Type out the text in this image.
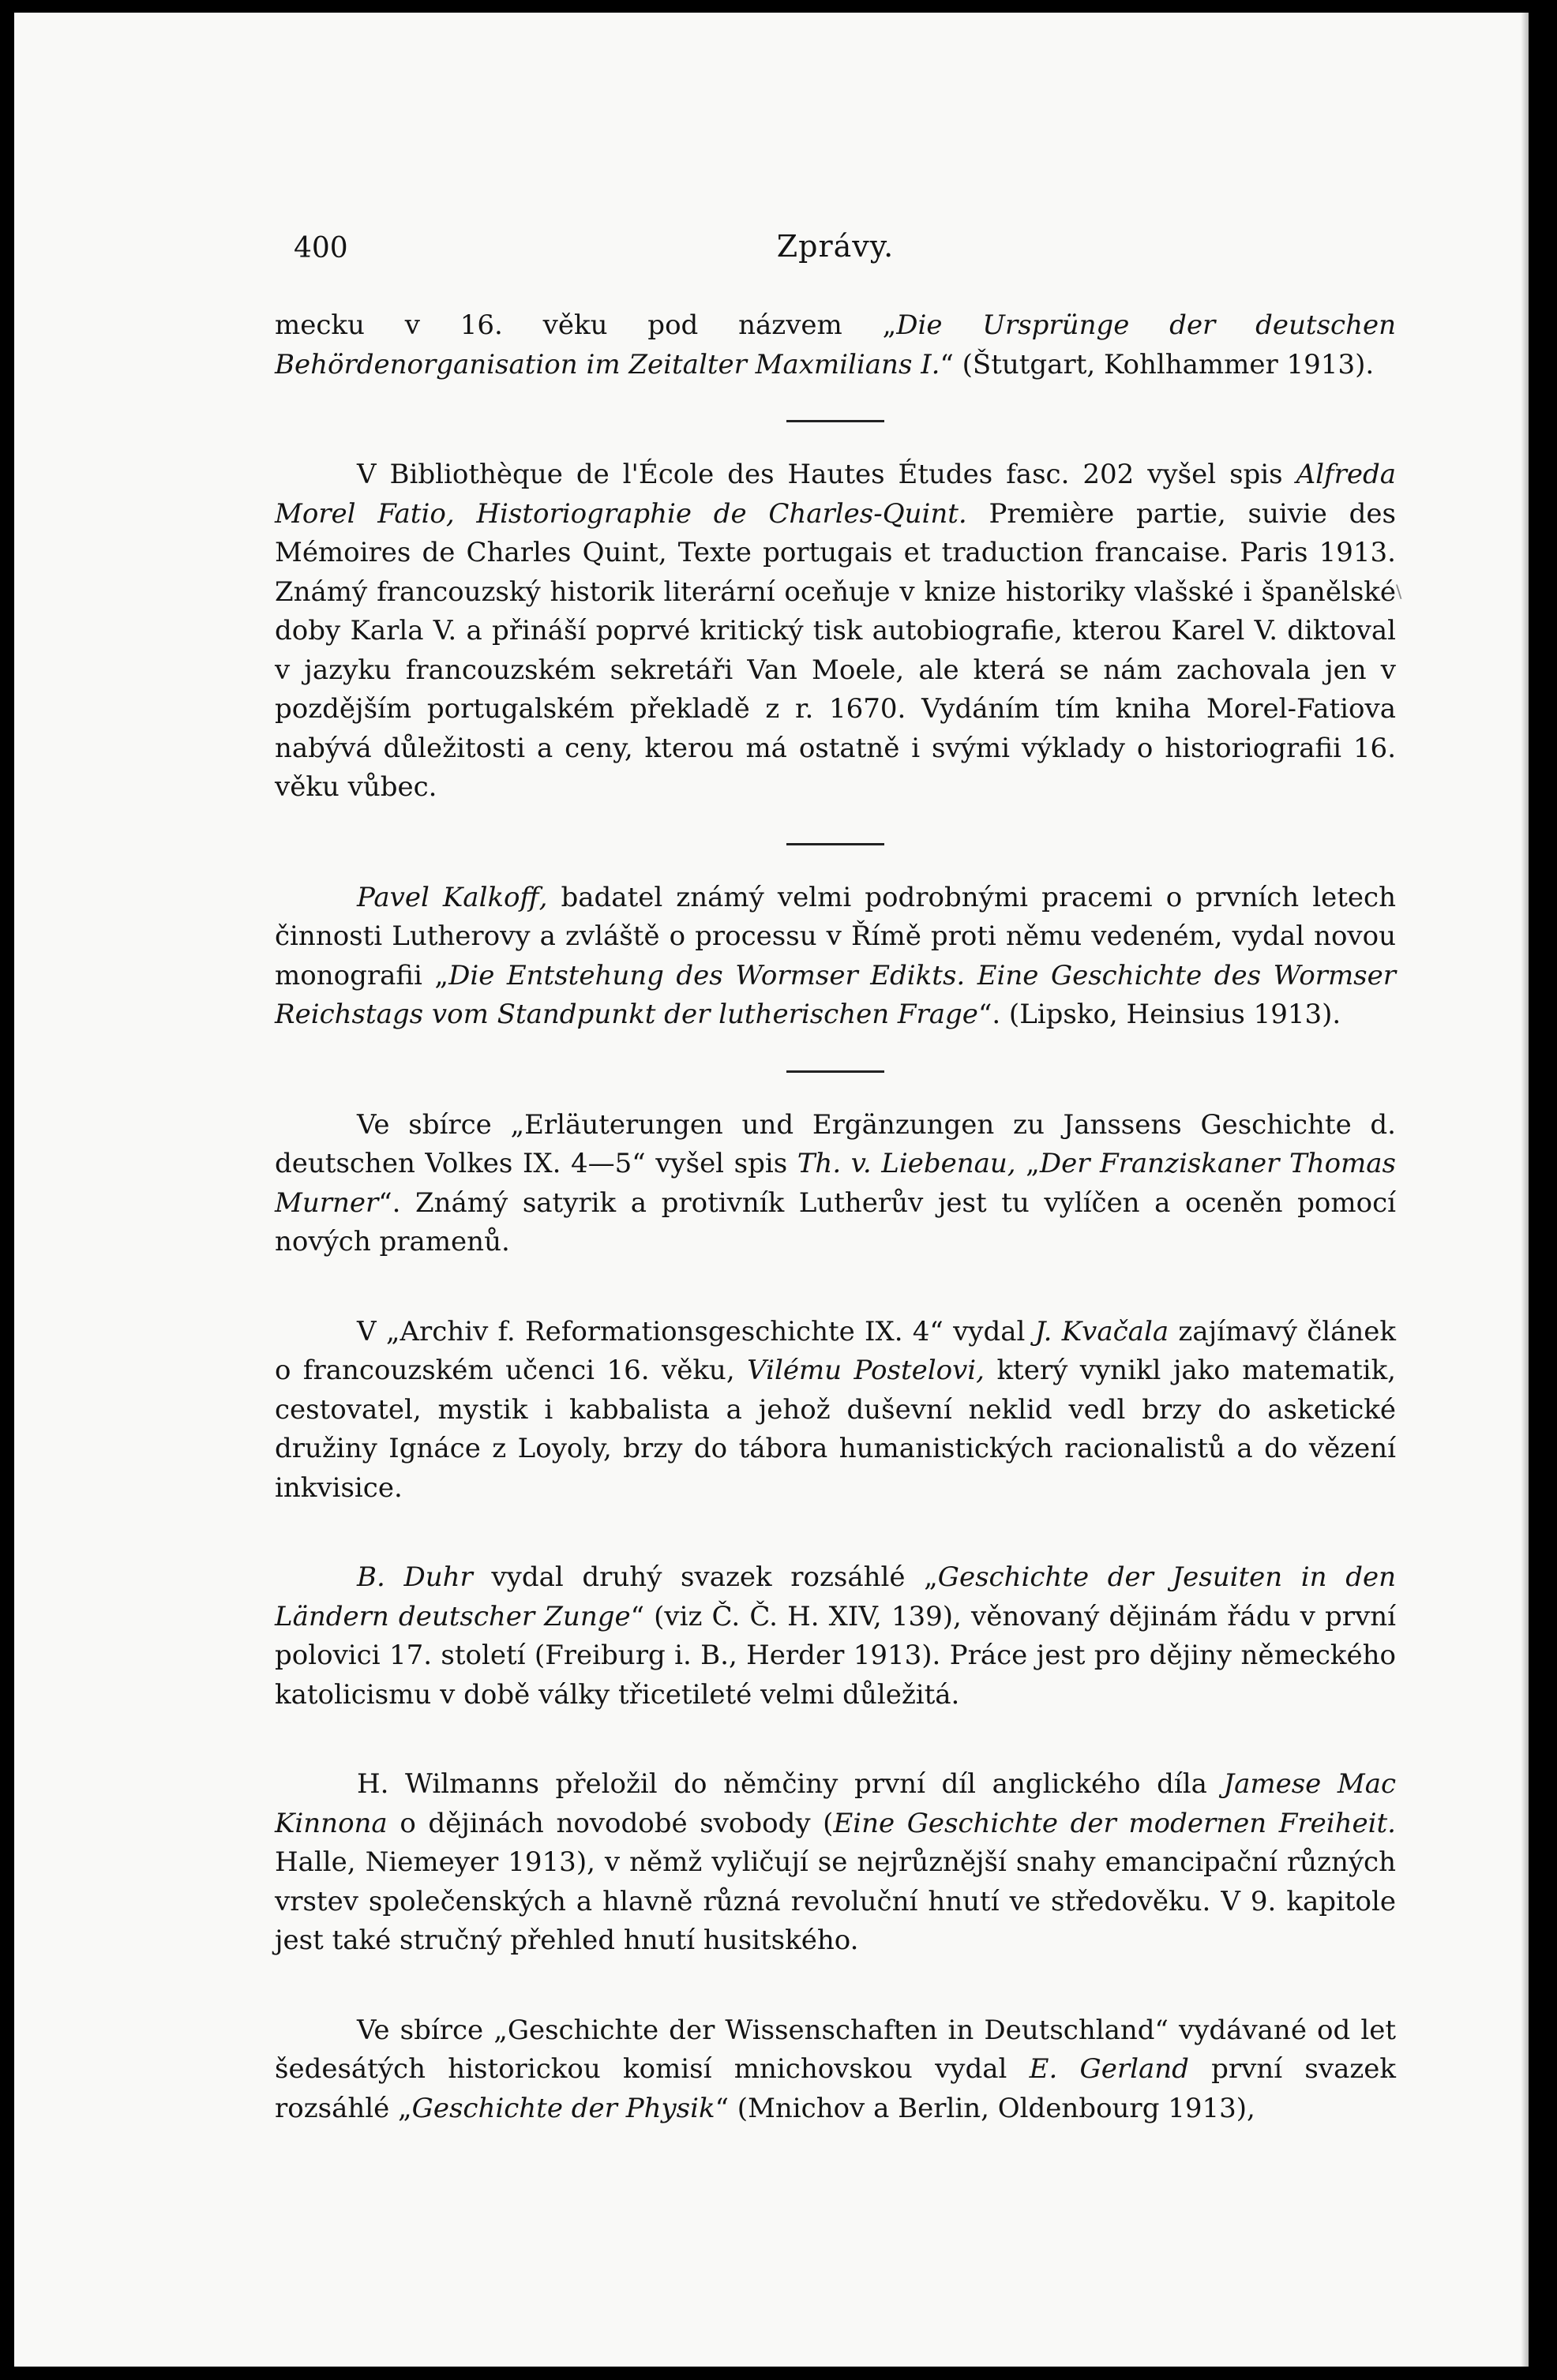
\
400	Zprávy.

mecku v 16. věku pod názvem „Die Ursprünge der deutschen Behördenorganisation im Zeitalter Maxmilians I.“ (Štutgart, Kohlhammer 1913).

V Bibliothèque de l'École des Hautes Études fasc. 202 vyšel spis Alfreda Morel Fatio, Historiographie de Charles-Quint. Première partie, suivie des Mémoires de Charles Quint, Texte portugais et traduction francaise. Paris 1913. Známý francouzský historik literární oceňuje v knize historiky vlašské i španělské doby Karla V. a přináší poprvé kritický tisk autobiografie, kterou Karel V. diktoval v jazyku francouzském sekretáři Van Moele, ale která se nám zachovala jen v pozdějším portugalském překladě z r. 1670. Vydáním tím kniha Morel-Fatiova nabývá důležitosti a ceny, kterou má ostatně i svými výklady o historiografii 16. věku vůbec.

Pavel Kalkoff, badatel známý velmi podrobnými pracemi o prvních letech činnosti Lutherovy a zvláště o processu v Římě proti němu vedeném, vydal novou monografii „Die Entstehung des Wormser Edikts. Eine Geschichte des Wormser Reichstags vom Standpunkt der lutherischen Frage“. (Lipsko, Heinsius 1913).

Ve sbírce „Erläuterungen und Ergänzungen zu Janssens Geschichte d. deutschen Volkes IX. 4—5“ vyšel spis Th. v. Liebenau, „Der Franziskaner Thomas Murner“. Známý satyrik a protivník Lutherův jest tu vylíčen a oceněn pomocí nových pramenů.

V „Archiv f. Reformationsgeschichte IX. 4“ vydal J. Kvačala zajímavý článek o francouzském učenci 16. věku, Vilému Postelovi, který vynikl jako matematik, cestovatel, mystik i kabbalista a jehož duševní neklid vedl brzy do asketické družiny Ignáce z Loyoly, brzy do tábora humanistických racionalistů a do vězení inkvisice.

B. Duhr vydal druhý svazek rozsáhlé „Geschichte der Jesuiten in den Ländern deutscher Zunge“ (viz Č. Č. H. XIV, 139), věnovaný dějinám řádu v první polovici 17. století (Freiburg i. B., Herder 1913). Práce jest pro dějiny německého katolicismu v době války třicetileté velmi důležitá.

H. Wilmanns přeložil do němčiny první díl anglického díla Jamese Mac Kinnona o dějinách novodobé svobody (Eine Geschichte der modernen Freiheit. Halle, Niemeyer 1913), v němž vyličují se nejrůznější snahy emancipační různých vrstev společenských a hlavně různá revoluční hnutí ve středověku. V 9. kapitole jest také stručný přehled hnutí husitského.

Ve sbírce „Geschichte der Wissenschaften in Deutschland“ vydávané od let šedesátých historickou komisí mnichovskou vydal E. Gerland první svazek rozsáhlé „Geschichte der Physik“ (Mnichov a Berlin, Oldenbourg 1913),
